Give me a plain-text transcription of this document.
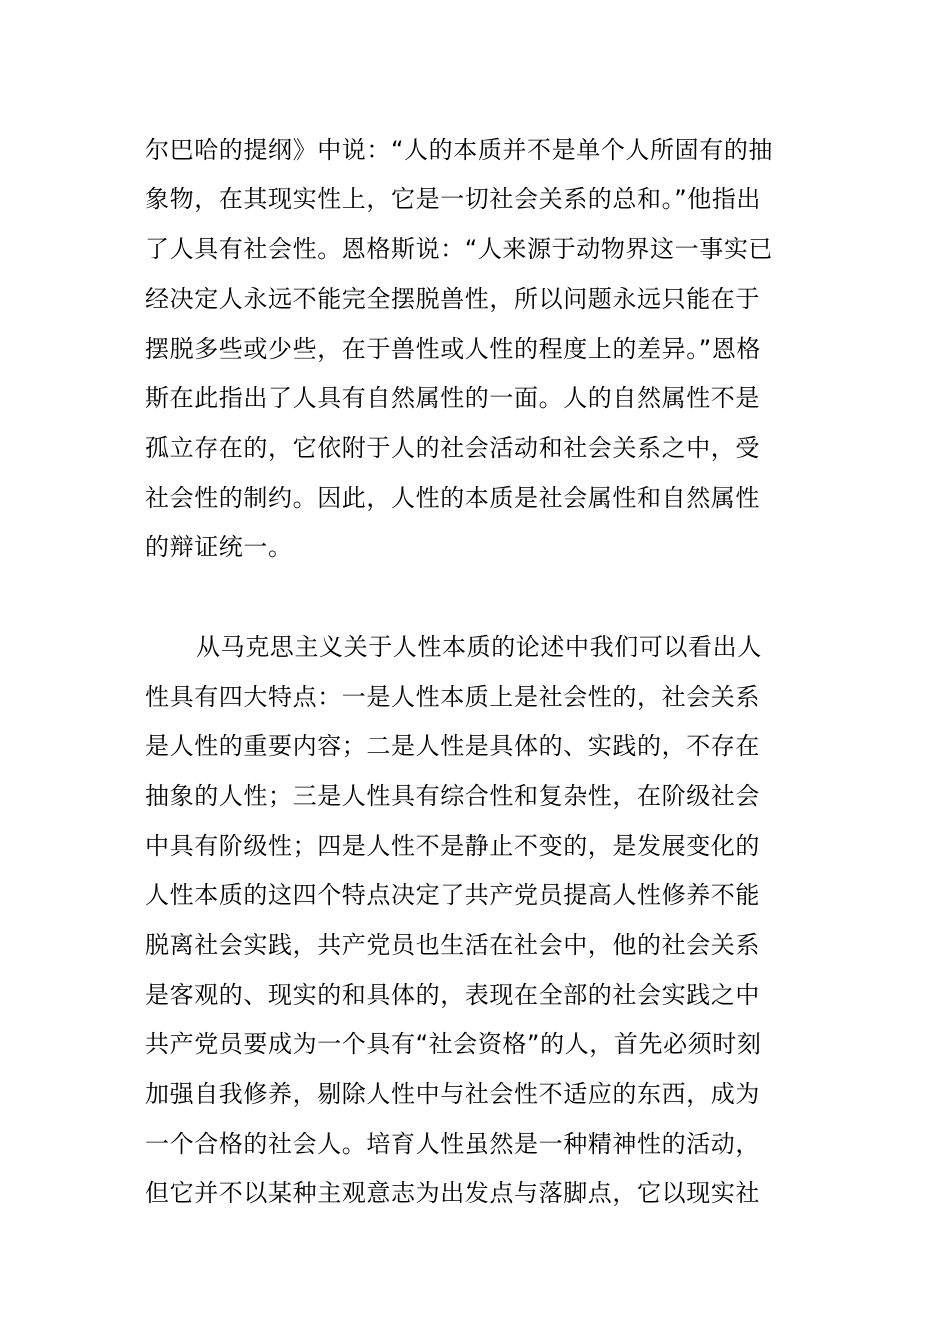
尔巴哈的提纲》中说：“人的本质并不是单个人所固有的抽
象物，在其现实性上，它是一切社会关系的总和。”他指出
了人具有社会性。恩格斯说：“人来源于动物界这一事实已
经决定人永远不能完全摆脱兽性，所以问题永远只能在于
摆脱多些或少些，在于兽性或人性的程度上的差异。”恩格
斯在此指出了人具有自然属性的一面。人的自然属性不是
孤立存在的，它依附于人的社会活动和社会关系之中，受
社会性的制约。因此，人性的本质是社会属性和自然属性
的辩证统一。
从马克思主义关于人性本质的论述中我们可以看出人
性具有四大特点：一是人性本质上是社会性的，社会关系
是人性的重要内容；二是人性是具体的、实践的，不存在
抽象的人性；三是人性具有综合性和复杂性，在阶级社会
中具有阶级性；四是人性不是静止不变的，是发展变化的
人性本质的这四个特点决定了共产党员提高人性修养不能
脱离社会实践，共产党员也生活在社会中，他的社会关系
是客观的、现实的和具体的，表现在全部的社会实践之中
共产党员要成为一个具有“社会资格”的人，首先必须时刻
加强自我修养，剔除人性中与社会性不适应的东西，成为
一个合格的社会人。培育人性虽然是一种精神性的活动，
但它并不以某种主观意志为出发点与落脚点，它以现实社
